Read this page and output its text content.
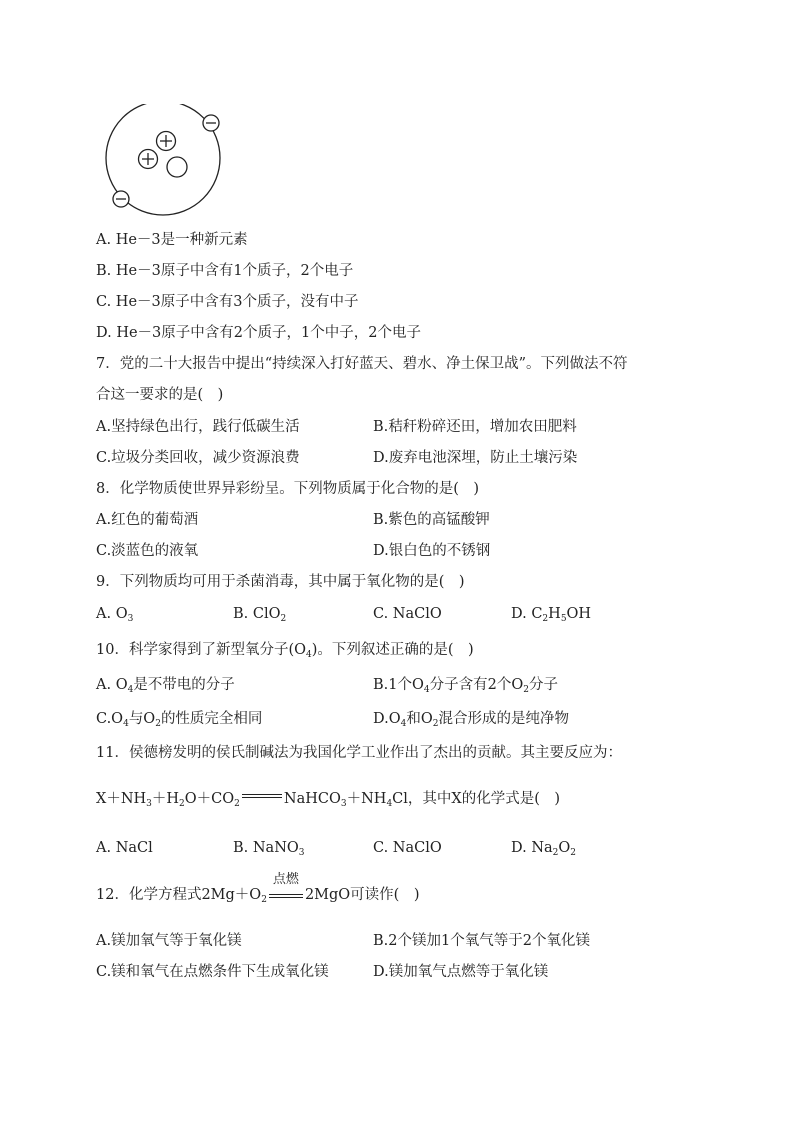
A. He－3是一种新元素
B. He－3原子中含有1个质子，2个电子
C. He－3原子中含有3个质子，没有中子
D. He－3原子中含有2个质子，1个中子，2个电子
7．党的二十大报告中提出“持续深入打好蓝天、碧水、净土保卫战”。下列做法不符
合这一要求的是(　)
A.坚持绿色出行，践行低碳生活	B.秸秆粉碎还田，增加农田肥料
C.垃圾分类回收，减少资源浪费	D.废弃电池深埋，防止土壤污染
8．化学物质使世界异彩纷呈。下列物质属于化合物的是(　)
A.红色的葡萄酒	B.紫色的高锰酸钾
C.淡蓝色的液氧	D.银白色的不锈钢
9．下列物质均可用于杀菌消毒，其中属于氧化物的是(　)
A. $O_3$	B. ClO$_2$	C. NaClO	D. $C_2H_5OH$
10．科学家得到了新型氧分子$(O_4)$。下列叙述正确的是(　)
A. $O_4$是不带电的分子	B.1个$O_4$分子含有2个$O_2$分子
$C.O_4$与$O_2$的性质完全相同	$D.O_4$和$O_2$混合形成的是纯净物
11．侯德榜发明的侯氏制碱法为我国化学工业作出了杰出的贡献。其主要反应为：
$X+NH_3+H_2O+CO_2$	$NaHCO_3+NH_4Cl$，其中X的化学式是(　)
A. NaCl	B. NaNO$_3$	C. NaClO	D. $Na_2O_2$
12．化学方程式$2Mg+O_2$
点燃
2MgO可读作(　)
A.镁加氧气等于氧化镁	B.2个镁加1个氧气等于2个氧化镁
C.镁和氧气在点燃条件下生成氧化镁	D.镁加氧气点燃等于氧化镁
